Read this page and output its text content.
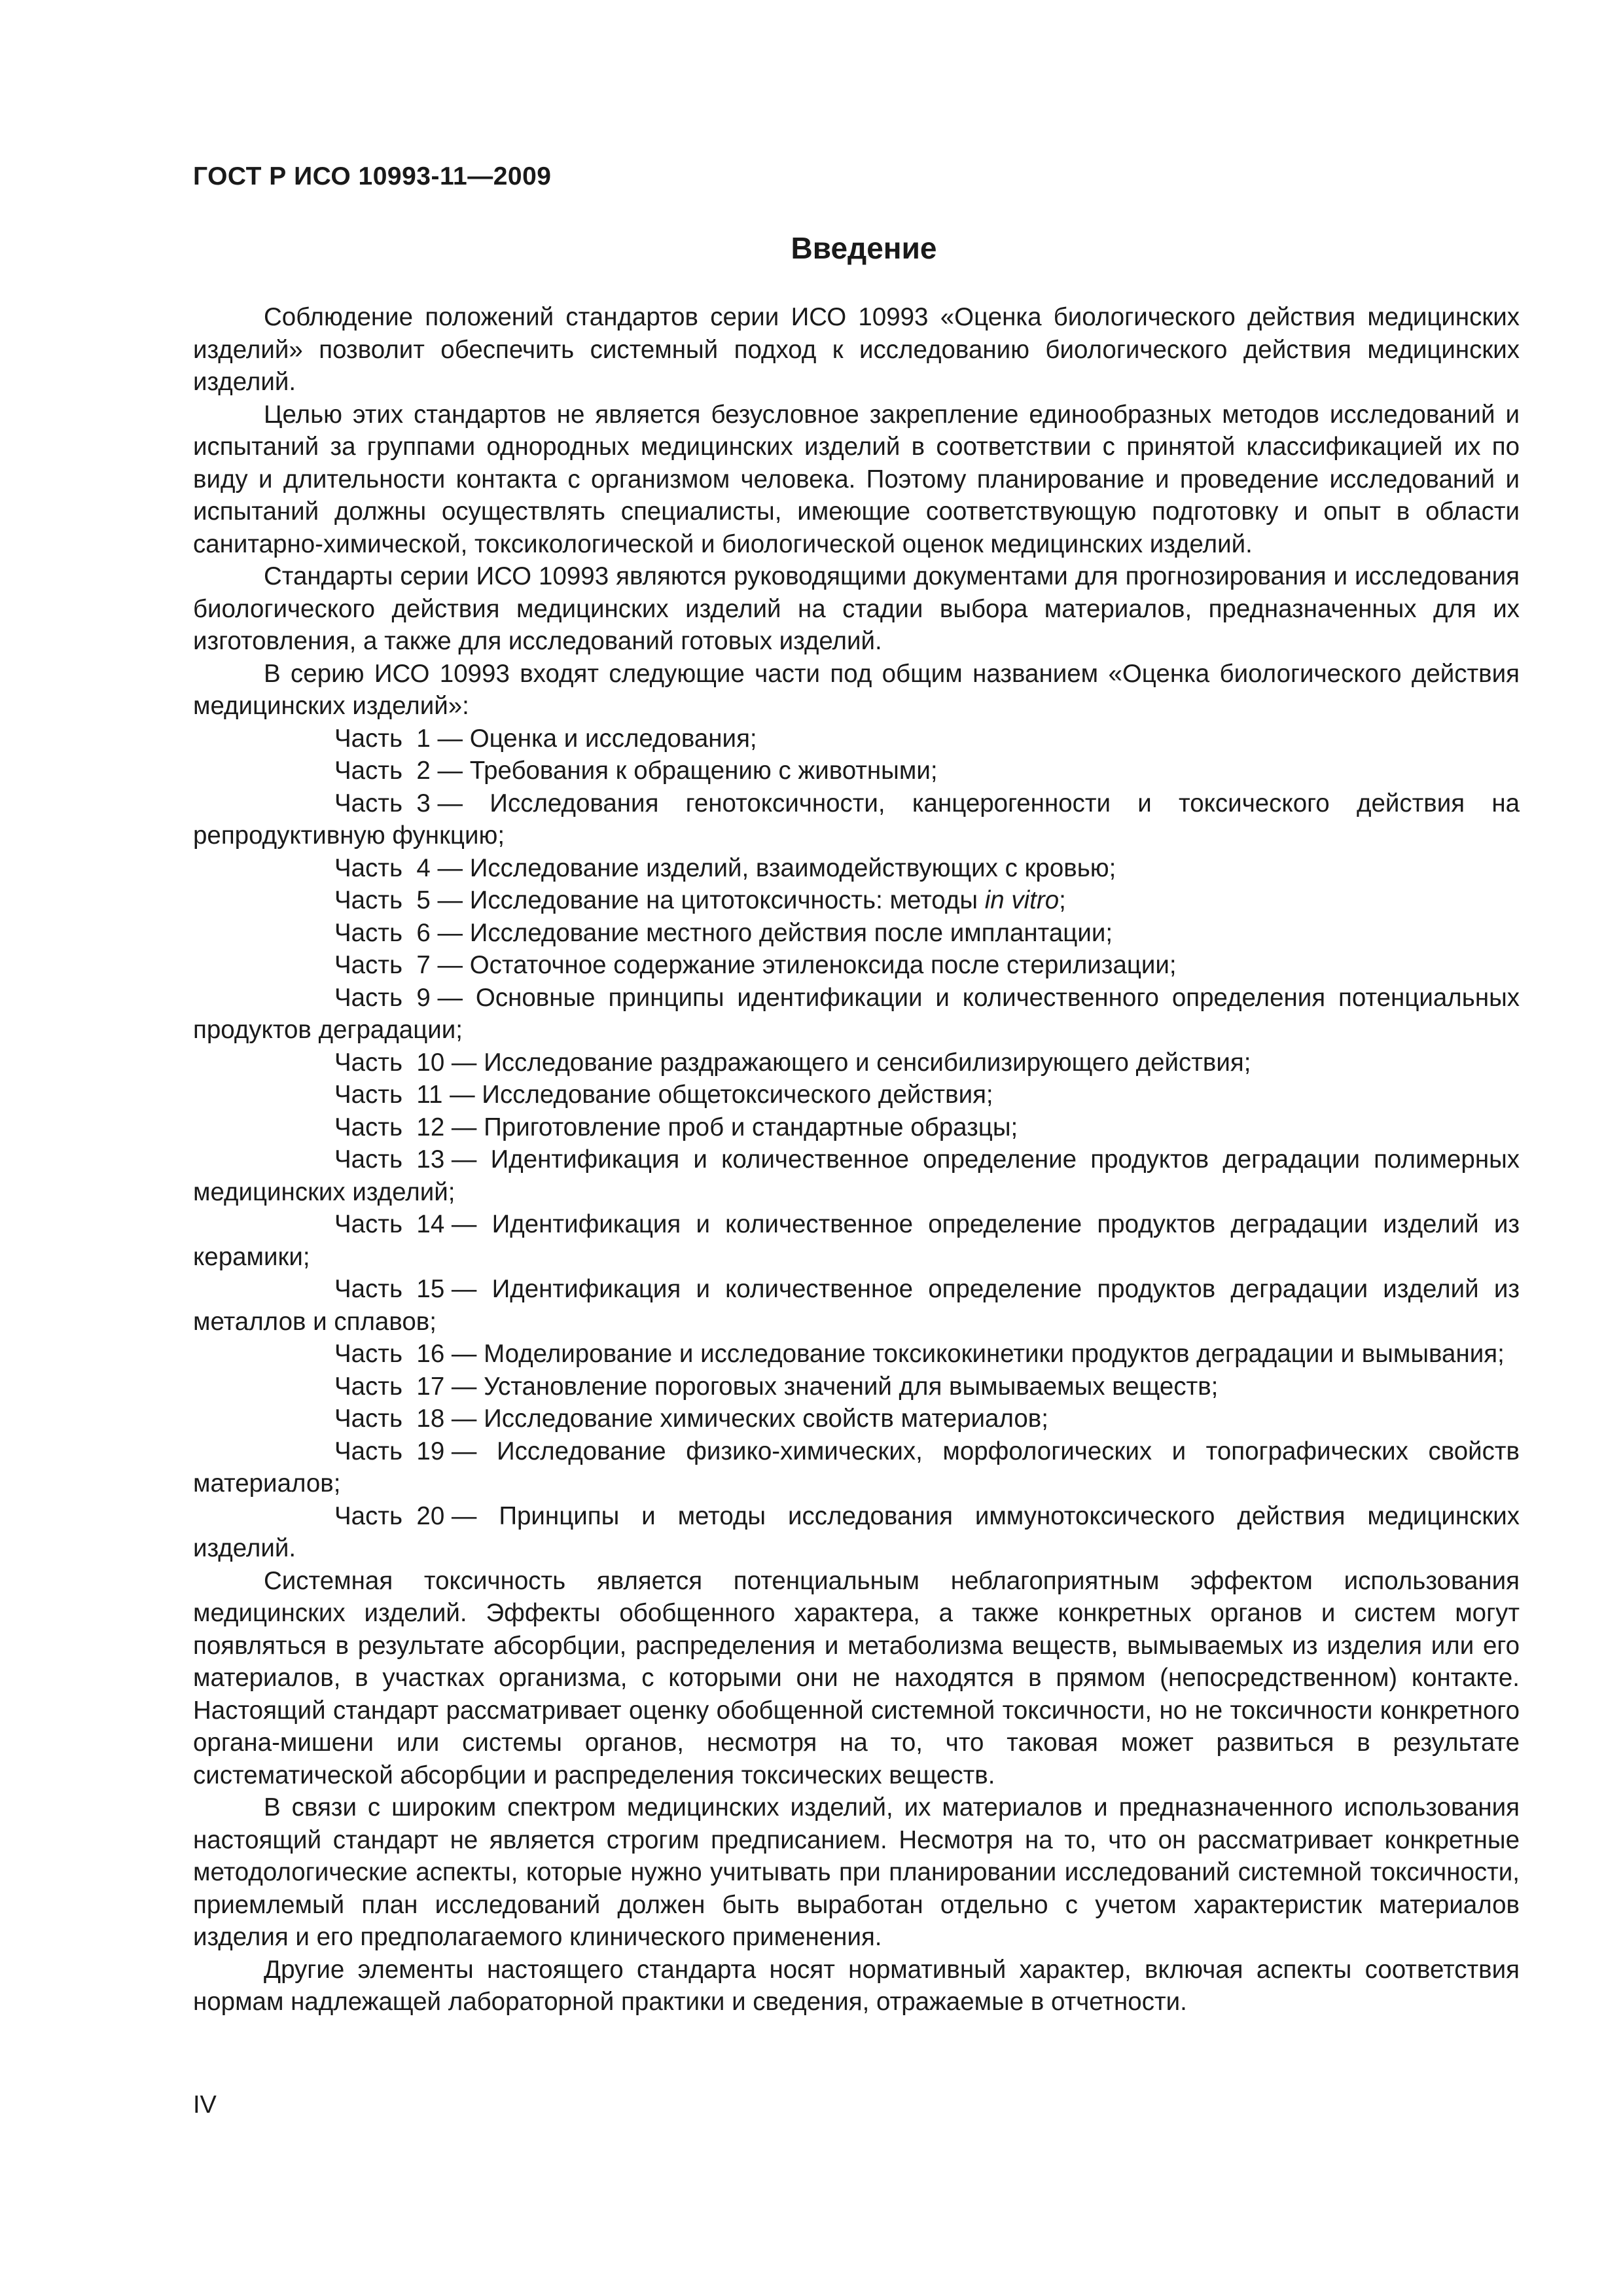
ГОСТ Р ИСО 10993-11—2009
Введение

Соблюдение положений стандартов серии ИСО 10993 «Оценка биологического действия медицинских изделий» позволит обеспечить системный подход к исследованию биологического действия медицинских изделий.

Целью этих стандартов не является безусловное закрепление единообразных методов исследований и испытаний за группами однородных медицинских изделий в соответствии с принятой классификацией их по виду и длительности контакта с организмом человека. Поэтому планирование и проведение исследований и испытаний должны осуществлять специалисты, имеющие соответствующую подготовку и опыт в области санитарно-химической, токсикологической и биологической оценок медицинских изделий.

Стандарты серии ИСО 10993 являются руководящими документами для прогнозирования и исследования биологического действия медицинских изделий на стадии выбора материалов, предназначенных для их изготовления, а также для исследований готовых изделий.

В серию ИСО 10993 входят следующие части под общим названием «Оценка биологического действия медицинских изделий»:

Часть  1 — Оценка и исследования;

Часть  2 — Требования к обращению с животными;

Часть  3 — Исследования генотоксичности, канцерогенности и токсического действия на репродуктивную функцию;

Часть  4 — Исследование изделий, взаимодействующих с кровью;

Часть  5 — Исследование на цитотоксичность: методы in vitro;

Часть  6 — Исследование местного действия после имплантации;

Часть  7 — Остаточное содержание этиленоксида после стерилизации;

Часть  9 — Основные принципы идентификации и количественного определения потенциальных продуктов деградации;

Часть  10 — Исследование раздражающего и сенсибилизирующего действия;

Часть  11 — Исследование общетоксического действия;

Часть  12 — Приготовление проб и стандартные образцы;

Часть  13 — Идентификация и количественное определение продуктов деградации полимерных медицинских изделий;

Часть  14 — Идентификация и количественное определение продуктов деградации изделий из керамики;

Часть  15 — Идентификация и количественное определение продуктов деградации изделий из металлов и сплавов;

Часть  16 — Моделирование и исследование токсикокинетики продуктов деградации и вымывания;

Часть  17 — Установление пороговых значений для вымываемых веществ;

Часть  18 — Исследование химических свойств материалов;

Часть  19 — Исследование физико-химических, морфологических и топографических свойств материалов;

Часть  20 — Принципы и методы исследования иммунотоксического действия медицинских изделий.

Системная токсичность является потенциальным неблагоприятным эффектом использования медицинских изделий. Эффекты обобщенного характера, а также конкретных органов и систем могут появляться в результате абсорбции, распределения и метаболизма веществ, вымываемых из изделия или его материалов, в участках организма, с которыми они не находятся в прямом (непосредственном) контакте. Настоящий стандарт рассматривает оценку обобщенной системной токсичности, но не токсичности конкретного органа-мишени или системы органов, несмотря на то, что таковая может развиться в результате систематической абсорбции и распределения токсических веществ.

В связи с широким спектром медицинских изделий, их материалов и предназначенного использования настоящий стандарт не является строгим предписанием. Несмотря на то, что он рассматривает конкретные методологические аспекты, которые нужно учитывать при планировании исследований системной токсичности, приемлемый план исследований должен быть выработан отдельно с учетом характеристик материалов изделия и его предполагаемого клинического применения.

Другие элементы настоящего стандарта носят нормативный характер, включая аспекты соответствия нормам надлежащей лабораторной практики и сведения, отражаемые в отчетности.

IV
